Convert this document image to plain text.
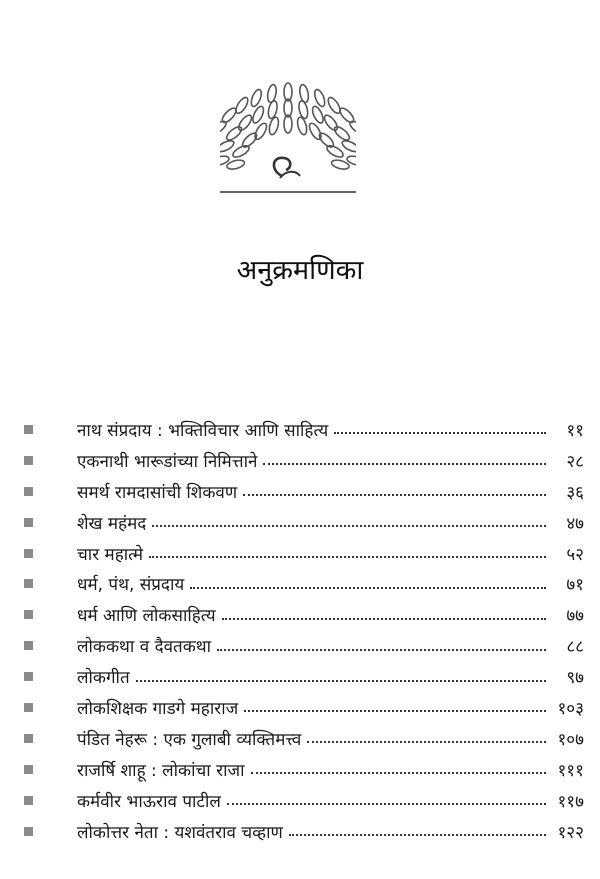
अनुक्रमणिका
नाथ संप्रदाय : भक्तिविचार आणि साहित्य	११
एकनाथी भारूडांच्या निमित्ताने	२८
समर्थ रामदासांची शिकवण	३६
शेख महंमद	४७
चार महात्मे	५२
धर्म, पंथ, संप्रदाय	७१
धर्म आणि लोकसाहित्य	७७
लोककथा व दैवतकथा	८८
लोकगीत	९७
लोकशिक्षक गाडगे महाराज	१०३
पंडित नेहरू : एक गुलाबी व्यक्तिमत्त्व	१०७
राजर्षि शाहू : लोकांचा राजा	१११
कर्मवीर भाऊराव पाटील	११७
लोकोत्तर नेता : यशवंतराव चव्हाण	१२२
